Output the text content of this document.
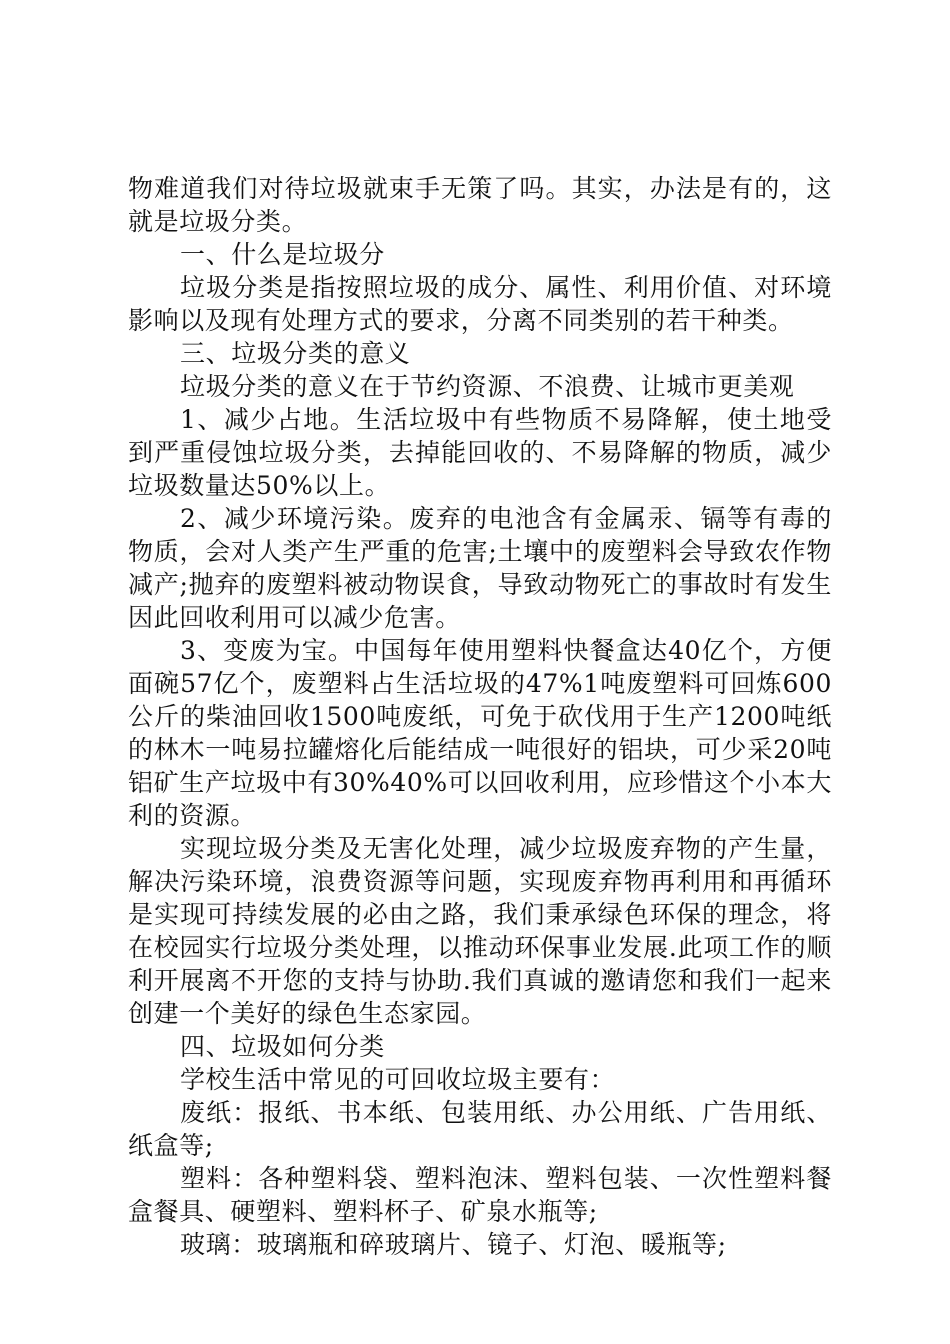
物难道我们对待垃圾就束手无策了吗。其实，办法是有的，这就是垃圾分类。

一、什么是垃圾分

垃圾分类是指按照垃圾的成分、属性、利用价值、对环境影响以及现有处理方式的要求，分离不同类别的若干种类。

三、垃圾分类的意义

垃圾分类的意义在于节约资源、不浪费、让城市更美观

1、减少占地。生活垃圾中有些物质不易降解，使土地受到严重侵蚀垃圾分类，去掉能回收的、不易降解的物质，减少垃圾数量达50%以上。

2、减少环境污染。废弃的电池含有金属汞、镉等有毒的物质，会对人类产生严重的危害;土壤中的废塑料会导致农作物减产;抛弃的废塑料被动物误食，导致动物死亡的事故时有发生因此回收利用可以减少危害。

3、变废为宝。中国每年使用塑料快餐盒达40亿个，方便面碗57亿个，废塑料占生活垃圾的47%1吨废塑料可回炼600公斤的柴油回收1500吨废纸，可免于砍伐用于生产1200吨纸的林木一吨易拉罐熔化后能结成一吨很好的铝块，可少采20吨铝矿生产垃圾中有30%40%可以回收利用，应珍惜这个小本大利的资源。

实现垃圾分类及无害化处理，减少垃圾废弃物的产生量，解决污染环境，浪费资源等问题，实现废弃物再利用和再循环是实现可持续发展的必由之路，我们秉承绿色环保的理念，将在校园实行垃圾分类处理，以推动环保事业发展.此项工作的顺利开展离不开您的支持与协助.我们真诚的邀请您和我们一起来创建一个美好的绿色生态家园。

四、垃圾如何分类

学校生活中常见的可回收垃圾主要有：

废纸：报纸、书本纸、包装用纸、办公用纸、广告用纸、纸盒等;

塑料：各种塑料袋、塑料泡沫、塑料包装、一次性塑料餐盒餐具、硬塑料、塑料杯子、矿泉水瓶等;

玻璃：玻璃瓶和碎玻璃片、镜子、灯泡、暖瓶等;
